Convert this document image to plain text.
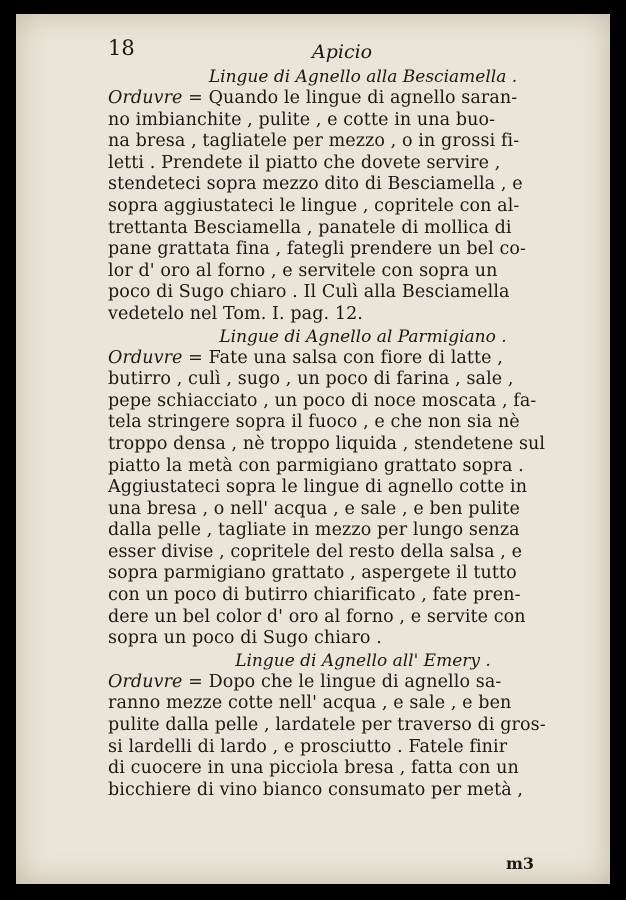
18	Apicio
Lingue di Agnello alla Besciamella .
Orduvre = Quando le lingue di agnello saran-
no imbianchite , pulite , e cotte in una buo-
na bresa , tagliatele per mezzo , o in grossi fi-
letti . Prendete il piatto che dovete servire ,
stendeteci sopra mezzo dito di Besciamella , e
sopra aggiustateci le lingue , copritele con al-
trettanta Besciamella , panatele di mollica di
pane grattata fina , fategli prendere un bel co-
lor d' oro al forno , e servitele con sopra un
poco di Sugo chiaro . Il Culì alla Besciamella
vedetelo nel Tom. I. pag. 12.
Lingue di Agnello al Parmigiano .
Orduvre = Fate una salsa con fiore di latte ,
butirro , culì , sugo , un poco di farina , sale ,
pepe schiacciato , un poco di noce moscata , fa-
tela stringere sopra il fuoco , e che non sia nè
troppo densa , nè troppo liquida , stendetene sul
piatto la metà con parmigiano grattato sopra .
Aggiustateci sopra le lingue di agnello cotte in
una bresa , o nell' acqua , e sale , e ben pulite
dalla pelle , tagliate in mezzo per lungo senza
esser divise , copritele del resto della salsa , e
sopra parmigiano grattato , aspergete il tutto
con un poco di butirro chiarificato , fate pren-
dere un bel color d' oro al forno , e servite con
sopra un poco di Sugo chiaro .
Lingue di Agnello all' Emery .
Orduvre = Dopo che le lingue di agnello sa-
ranno mezze cotte nell' acqua , e sale , e ben
pulite dalla pelle , lardatele per traverso di gros-
si lardelli di lardo , e prosciutto . Fatele finir
di cuocere in una picciola bresa , fatta con un
bicchiere di vino bianco consumato per metà ,
m3
